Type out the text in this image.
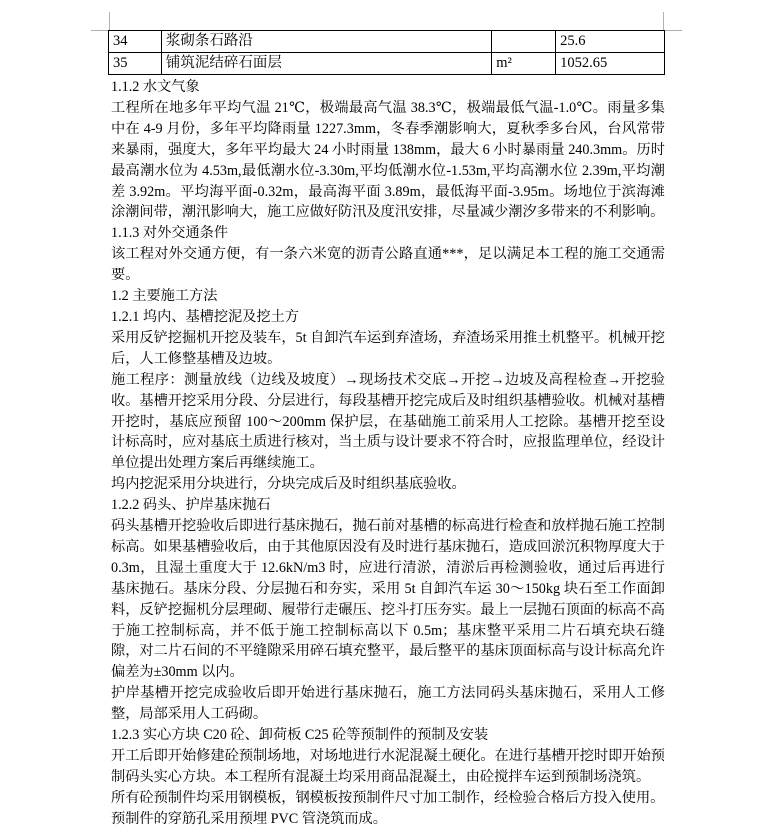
34	浆砌条石路沿		25.6
35	铺筑泥结碎石面层	m²	1052.65

1.1.2 水文气象

工程所在地多年平均气温 21℃，极端最高气温 38.3℃，极端最低气温-1.0℃。雨量多集中在 4-9 月份，多年平均降雨量 1227.3mm，冬春季潮影响大，夏秋季多台风，台风常带来暴雨，强度大，多年平均最大 24 小时雨量 138mm，最大 6 小时暴雨量 240.3mm。历时最高潮水位为 4.53m,最低潮水位-3.30m,平均低潮水位-1.53m,平均高潮水位 2.39m,平均潮差 3.92m。平均海平面-0.32m，最高海平面 3.89m，最低海平面-3.95m。场地位于滨海滩涂潮间带，潮汛影响大，施工应做好防汛及度汛安排，尽量减少潮汐多带来的不利影响。

1.1.3 对外交通条件

该工程对外交通方便，有一条六米宽的沥青公路直通***，足以满足本工程的施工交通需要。

1.2 主要施工方法

1.2.1 坞内、基槽挖泥及挖土方

采用反铲挖掘机开挖及装车，5t 自卸汽车运到弃渣场，弃渣场采用推土机整平。机械开挖后，人工修整基槽及边坡。

施工程序：测量放线（边线及坡度）→现场技术交底→开挖→边坡及高程检查→开挖验收。基槽开挖采用分段、分层进行，每段基槽开挖完成后及时组织基槽验收。机械对基槽开挖时，基底应预留 100～200mm 保护层，在基础施工前采用人工挖除。基槽开挖至设计标高时，应对基底土质进行核对，当土质与设计要求不符合时，应报监理单位，经设计单位提出处理方案后再继续施工。

坞内挖泥采用分块进行，分块完成后及时组织基底验收。

1.2.2 码头、护岸基床抛石

码头基槽开挖验收后即进行基床抛石，抛石前对基槽的标高进行检查和放样抛石施工控制标高。如果基槽验收后，由于其他原因没有及时进行基床抛石，造成回淤沉积物厚度大于 0.3m，且湿土重度大于 12.6kN/m3 时，应进行清淤，清淤后再检测验收，通过后再进行基床抛石。基床分段、分层抛石和夯实，采用 5t 自卸汽车运 30～150kg 块石至工作面卸料，反铲挖掘机分层理砌、履带行走碾压、挖斗打压夯实。最上一层抛石顶面的标高不高于施工控制标高，并不低于施工控制标高以下 0.5m；基床整平采用二片石填充块石缝隙，对二片石间的不平缝隙采用碎石填充整平，最后整平的基床顶面标高与设计标高允许偏差为±30mm 以内。

护岸基槽开挖完成验收后即开始进行基床抛石，施工方法同码头基床抛石，采用人工修整，局部采用人工码砌。

1.2.3 实心方块 C20 砼、卸荷板 C25 砼等预制件的预制及安装

开工后即开始修建砼预制场地，对场地进行水泥混凝土硬化。在进行基槽开挖时即开始预制码头实心方块。本工程所有混凝土均采用商品混凝土，由砼搅拌车运到预制场浇筑。

所有砼预制件均采用钢模板，钢模板按预制件尺寸加工制作，经检验合格后方投入使用。

预制件的穿筋孔采用预埋 PVC 管浇筑而成。
